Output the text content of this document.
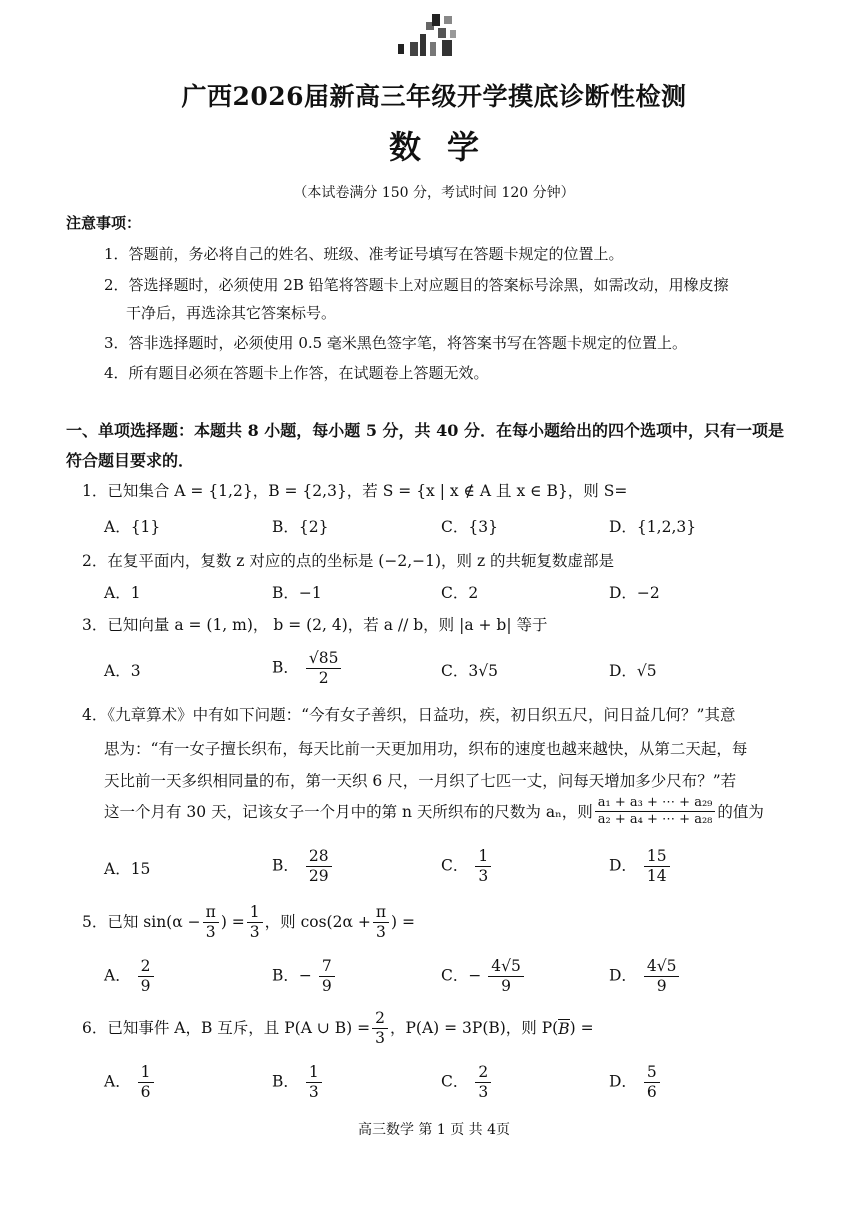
广西2026届新高三年级开学摸底诊断性检测
数学
（本试卷满分 150 分，考试时间 120 分钟）
注意事项：
1．答题前，务必将自己的姓名、班级、准考证号填写在答题卡规定的位置上。
2．答选择题时，必须使用 2B 铅笔将答题卡上对应题目的答案标号涂黑，如需改动，用橡皮擦
干净后，再选涂其它答案标号。
3．答非选择题时，必须使用 0.5 毫米黑色签字笔，将答案书写在答题卡规定的位置上。
4．所有题目必须在答题卡上作答，在试题卷上答题无效。
一、单项选择题：本题共 8 小题，每小题 5 分，共 40 分．在每小题给出的四个选项中，只有一项是
符合题目要求的．
1．已知集合 A = {1,2}，B = {2,3}，若 S = {x | x ∉ A 且 x ∈ B}，则 S=
A．{1}	B．{2}	C．{3}	D．{1,2,3}
2．在复平面内，复数 z 对应的点的坐标是 (−2,−1)，则 z 的共轭复数虚部是
A．1	B．−1	C．2	D．−2
3．已知向量 a = (1, m)， b = (2, 4)，若 a // b，则 |a + b| 等于
A．3	B． $\frac{√85}{2}$	C．3√5	D．√5
4．《九章算术》中有如下问题：“今有女子善织，日益功，疾，初日织五尺，问日益几何？”其意
思为：“有一女子擅长织布，每天比前一天更加用功，织布的速度也越来越快，从第二天起，每
天比前一天多织相同量的布，第一天织 6 尺，一月织了七匹一丈，问每天增加多少尺布？”若
这一个月有 30 天，记该女子一个月中的第 n 天所织布的尺数为 aₙ，则 $\frac{\text{a₁ + a₃ + ⋯ + a₂₉}}{\text{a₂ + a₄ + ⋯ + a₂₈}}$ 的值为
A．15	B． $\frac{28}{29}$	C． $\frac{1}{3}$	D． $\frac{15}{14}$
5．已知 $\sin(\alpha - \frac{\pi}{3}$ ) = $\frac{1}{3}$ ，则 $\cos(2\alpha + \frac{\pi}{3}$ ) =
A． $\frac{2}{9}$	B．− $\frac{7}{9}$	C．− $\frac{4√5}{9}$	D． $\frac{4√5}{9}$
6．已知事件 A，B 互斥，且 P(A ∪ $B) = \frac{2}{3}$ ，P(A) = 3P(B)，则 P( B ) =
A． $\frac{1}{6}$	B． $\frac{1}{3}$	C． $\frac{2}{3}$	D． $\frac{5}{6}$
高三数学 第 1 页 共 4页
